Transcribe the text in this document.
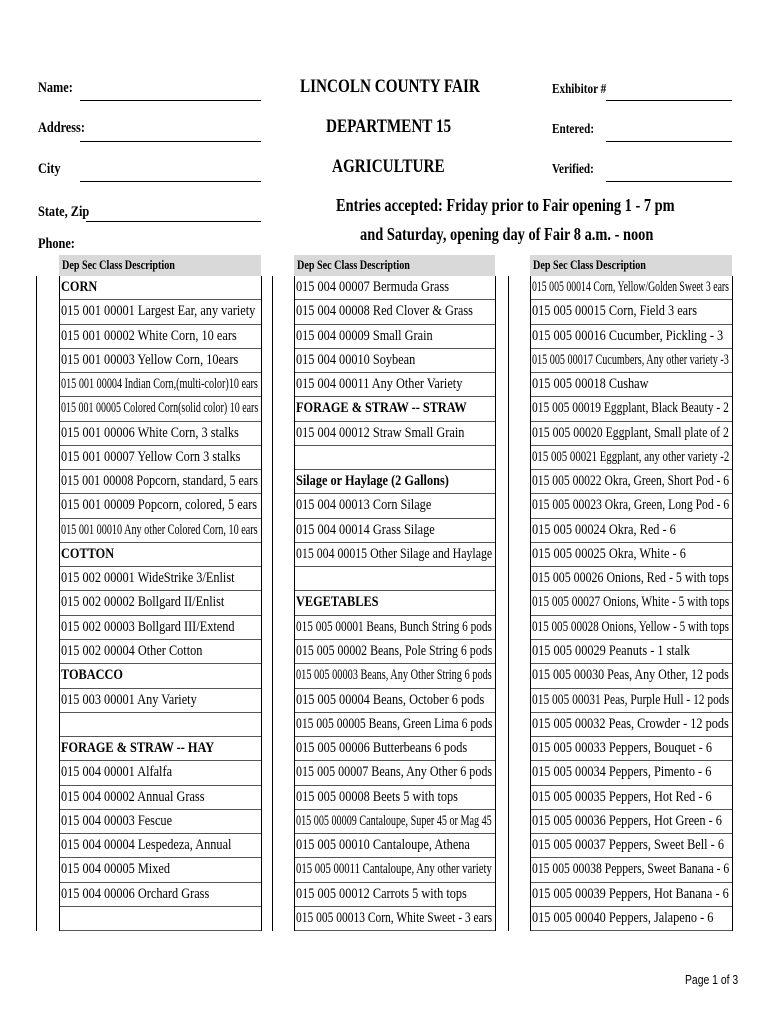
Name:
Address:
City
State, Zip
Phone:
LINCOLN COUNTY FAIR
DEPARTMENT 15
AGRICULTURE
Entries accepted: Friday prior to Fair opening 1 - 7 pm
and Saturday, opening day of Fair 8 a.m. - noon
Exhibitor #
Entered:
Verified:
Dep Sec Class Description
CORN
015 001 00001 Largest Ear, any variety
015 001 00002 White Corn, 10 ears
015 001 00003 Yellow Corn, 10ears
015 001 00004 Indian Corn,(multi-color)10 ears
015 001 00005 Colored Corn(solid color) 10 ears
015 001 00006 White Corn, 3 stalks
015 001 00007 Yellow Corn 3 stalks
015 001 00008 Popcorn, standard, 5 ears
015 001 00009 Popcorn, colored, 5 ears
015 001 00010 Any other Colored Corn, 10 ears
COTTON
015 002 00001 WideStrike 3/Enlist
015 002 00002 Bollgard II/Enlist
015 002 00003 Bollgard III/Extend
015 002 00004 Other Cotton
TOBACCO
015 003 00001 Any Variety
FORAGE & STRAW -- HAY
015 004 00001 Alfalfa
015 004 00002 Annual Grass
015 004 00003 Fescue
015 004 00004 Lespedeza, Annual
015 004 00005 Mixed
015 004 00006 Orchard Grass
Dep Sec Class Description
015 004 00007 Bermuda Grass
015 004 00008 Red Clover & Grass
015 004 00009 Small Grain
015 004 00010 Soybean
015 004 00011 Any Other Variety
FORAGE & STRAW -- STRAW
015 004 00012 Straw Small Grain
Silage or Haylage (2 Gallons)
015 004 00013 Corn Silage
015 004 00014 Grass Silage
015 004 00015 Other Silage and Haylage
VEGETABLES
015 005 00001 Beans, Bunch String 6 pods
015 005 00002 Beans, Pole String 6 pods
015 005 00003 Beans, Any Other String 6 pods
015 005 00004 Beans, October 6 pods
015 005 00005 Beans, Green Lima 6 pods
015 005 00006 Butterbeans 6 pods
015 005 00007 Beans, Any Other 6 pods
015 005 00008 Beets 5 with tops
015 005 00009 Cantaloupe, Super 45 or Mag 45
015 005 00010 Cantaloupe, Athena
015 005 00011 Cantaloupe, Any other variety
015 005 00012 Carrots 5 with tops
015 005 00013 Corn, White Sweet - 3 ears
Dep Sec Class Description
015 005 00014 Corn, Yellow/Golden Sweet 3 ears
015 005 00015 Corn, Field 3 ears
015 005 00016 Cucumber, Pickling - 3
015 005 00017 Cucumbers, Any other variety -3
015 005 00018 Cushaw
015 005 00019 Eggplant, Black Beauty - 2
015 005 00020 Eggplant, Small plate of 2
015 005 00021 Eggplant, any other variety -2
015 005 00022 Okra, Green, Short Pod - 6
015 005 00023 Okra, Green, Long Pod - 6
015 005 00024 Okra, Red - 6
015 005 00025 Okra, White - 6
015 005 00026 Onions, Red - 5 with tops
015 005 00027 Onions, White - 5 with tops
015 005 00028 Onions, Yellow - 5 with tops
015 005 00029 Peanuts - 1 stalk
015 005 00030 Peas, Any Other, 12 pods
015 005 00031 Peas, Purple Hull - 12 pods
015 005 00032 Peas, Crowder - 12 pods
015 005 00033 Peppers, Bouquet - 6
015 005 00034 Peppers, Pimento - 6
015 005 00035 Peppers, Hot Red - 6
015 005 00036 Peppers, Hot Green - 6
015 005 00037 Peppers, Sweet Bell - 6
015 005 00038 Peppers, Sweet Banana - 6
015 005 00039 Peppers, Hot Banana - 6
015 005 00040 Peppers, Jalapeno - 6
Page 1 of 3
